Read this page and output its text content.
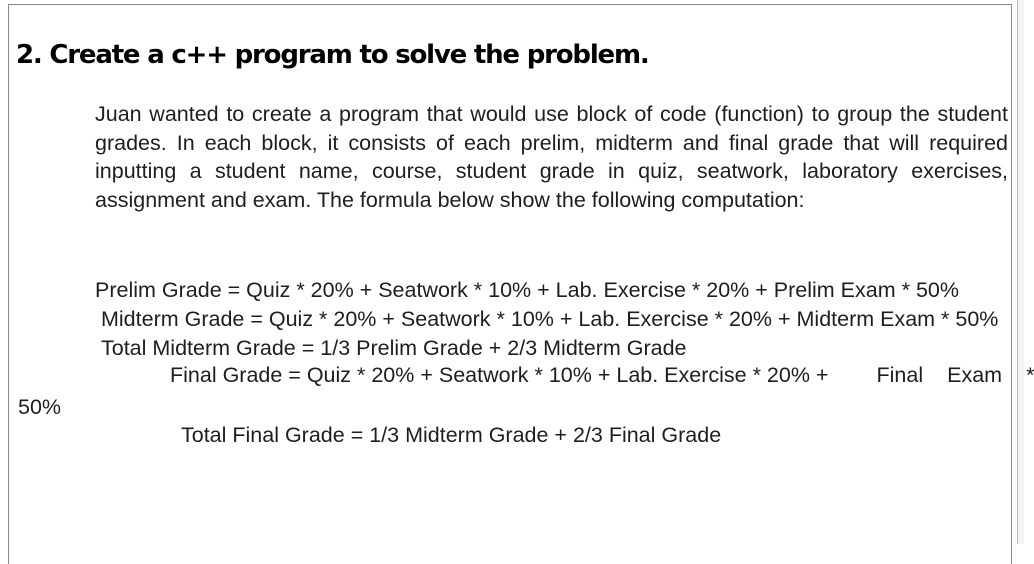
2. Create a c++ program to solve the problem.

Juan wanted to create a program that would use block of code (function) to group the student grades. In each block, it consists of each prelim, midterm and final grade that will required inputting a student name, course, student grade in quiz, seatwork, laboratory exercises, assignment and exam. The formula below show the following computation:

Prelim Grade = Quiz * 20% + Seatwork * 10% + Lab. Exercise * 20% + Prelim Exam * 50%

Midterm Grade = Quiz * 20% + Seatwork * 10% + Lab. Exercise * 20% + Midterm Exam * 50%

Total Midterm Grade = 1/3 Prelim Grade + 2/3 Midterm Grade

Final Grade = Quiz * 20% + Seatwork * 10% + Lab. Exercise * 20% +	Final	Exam	*

50%

Total Final Grade = 1/3 Midterm Grade + 2/3 Final Grade
